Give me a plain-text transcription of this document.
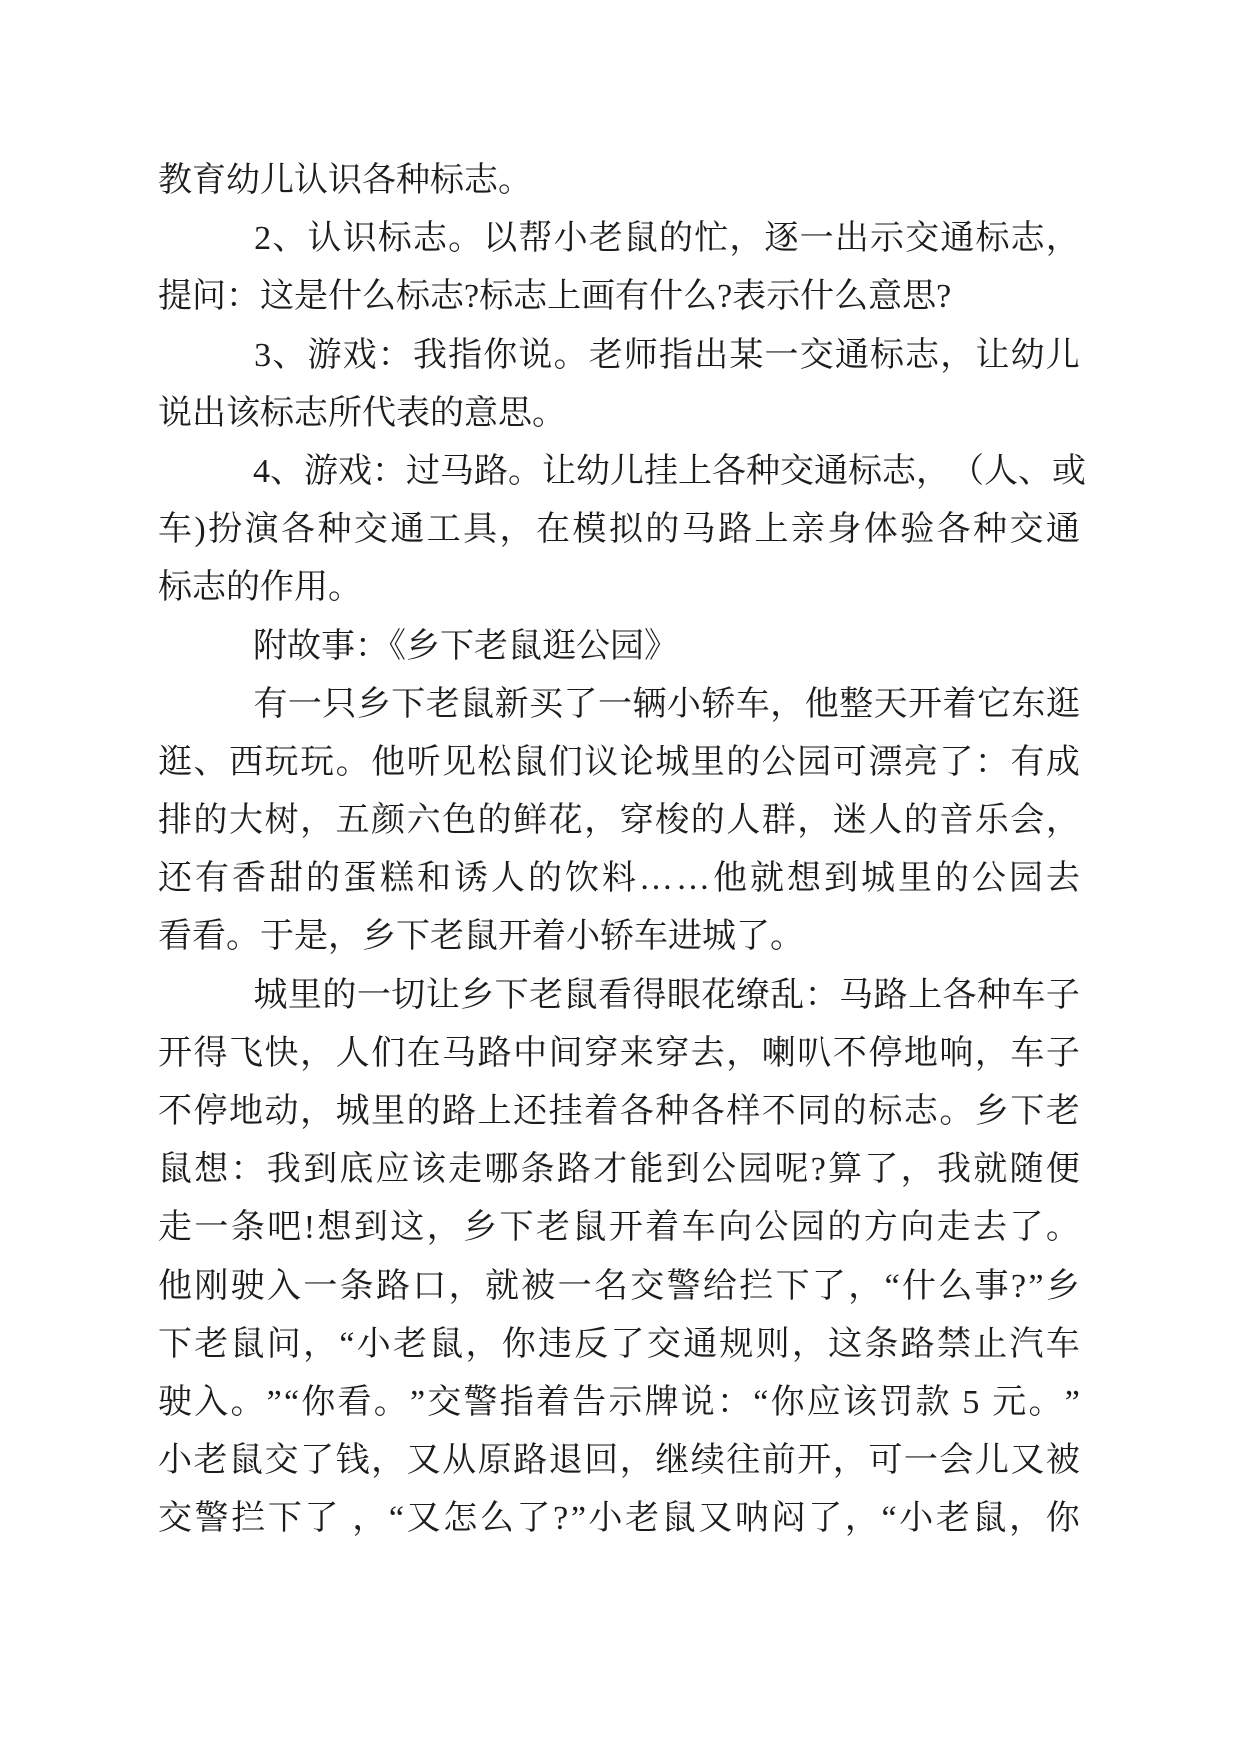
教育幼儿认识各种标志。
2 、 认 识 标 志 。 以 帮 小 老 鼠 的 忙 ， 逐 一 出 示 交 通 标 志 ，
提问：这是什么标志?标志上画有什么?表示什么意思?
3 、 游 戏 ： 我 指 你 说 。 老 师 指 出 某 一 交 通 标 志 ， 让 幼 儿
说出该标志所代表的意思。
4 、 游 戏 ： 过 马 路 。 让 幼 儿 挂 上 各 种 交 通 标 志 ， （ 人 、 或
车 ) 扮 演 各 种 交 通 工 具 ， 在 模 拟 的 马 路 上 亲 身 体 验 各 种 交 通
标志的作用。
附故事：《乡下老鼠逛公园》
有 一 只 乡 下 老 鼠 新 买 了 一 辆 小 轿 车 ， 他 整 天 开 着 它 东 逛
逛 、 西 玩 玩 。 他 听 见 松 鼠 们 议 论 城 里 的 公 园 可 漂 亮 了 ： 有 成
排 的 大 树 ， 五 颜 六 色 的 鲜 花 ， 穿 梭 的 人 群 ， 迷 人 的 音 乐 会 ，
还 有 香 甜 的 蛋 糕 和 诱 人 的 饮 料 … … 他 就 想 到 城 里 的 公 园 去
看看。于是，乡下老鼠开着小轿车进城了。
城 里 的 一 切 让 乡 下 老 鼠 看 得 眼 花 缭 乱 ： 马 路 上 各 种 车 子
开 得 飞 快 ， 人 们 在 马 路 中 间 穿 来 穿 去 ， 喇 叭 不 停 地 响 ， 车 子
不 停 地 动 ， 城 里 的 路 上 还 挂 着 各 种 各 样 不 同 的 标 志 。 乡 下 老
鼠 想 ： 我 到 底 应 该 走 哪 条 路 才 能 到 公 园 呢 ? 算 了 ， 我 就 随 便
走 一 条 吧 ! 想 到 这 ， 乡 下 老 鼠 开 着 车 向 公 园 的 方 向 走 去 了 。
他 刚 驶 入 一 条 路 口 ， 就 被 一 名 交 警 给 拦 下 了 ， “ 什 么 事 ? ” 乡
下 老 鼠 问 ， “ 小 老 鼠 ， 你 违 反 了 交 通 规 则 ， 这 条 路 禁 止 汽 车
驶 入 。 ” “ 你 看 。 ” 交 警 指 着 告 示 牌 说 ： “ 你 应 该 罚 款
5
元 。 ”
小 老 鼠 交 了 钱 ， 又 从 原 路 退 回 ， 继 续 往 前 开 ， 可 一 会 儿 又 被
交 警 拦 下 了
， “ 又 怎 么 了 ? ” 小 老 鼠 又 呐 闷 了 ， “ 小 老 鼠 ， 你
